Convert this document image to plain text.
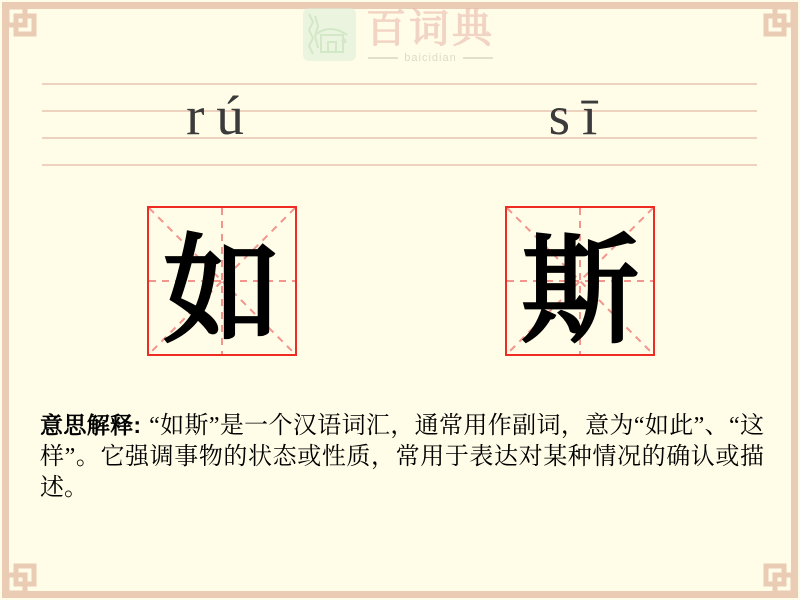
百词典
baicidian
rú	sī
如 斯
意思解释: “如斯”是一个汉语词汇，通常用作副词，意为“如此”、“这样”。它强调事物的状态或性质，常用于表达对某种情况的确认或描述。
